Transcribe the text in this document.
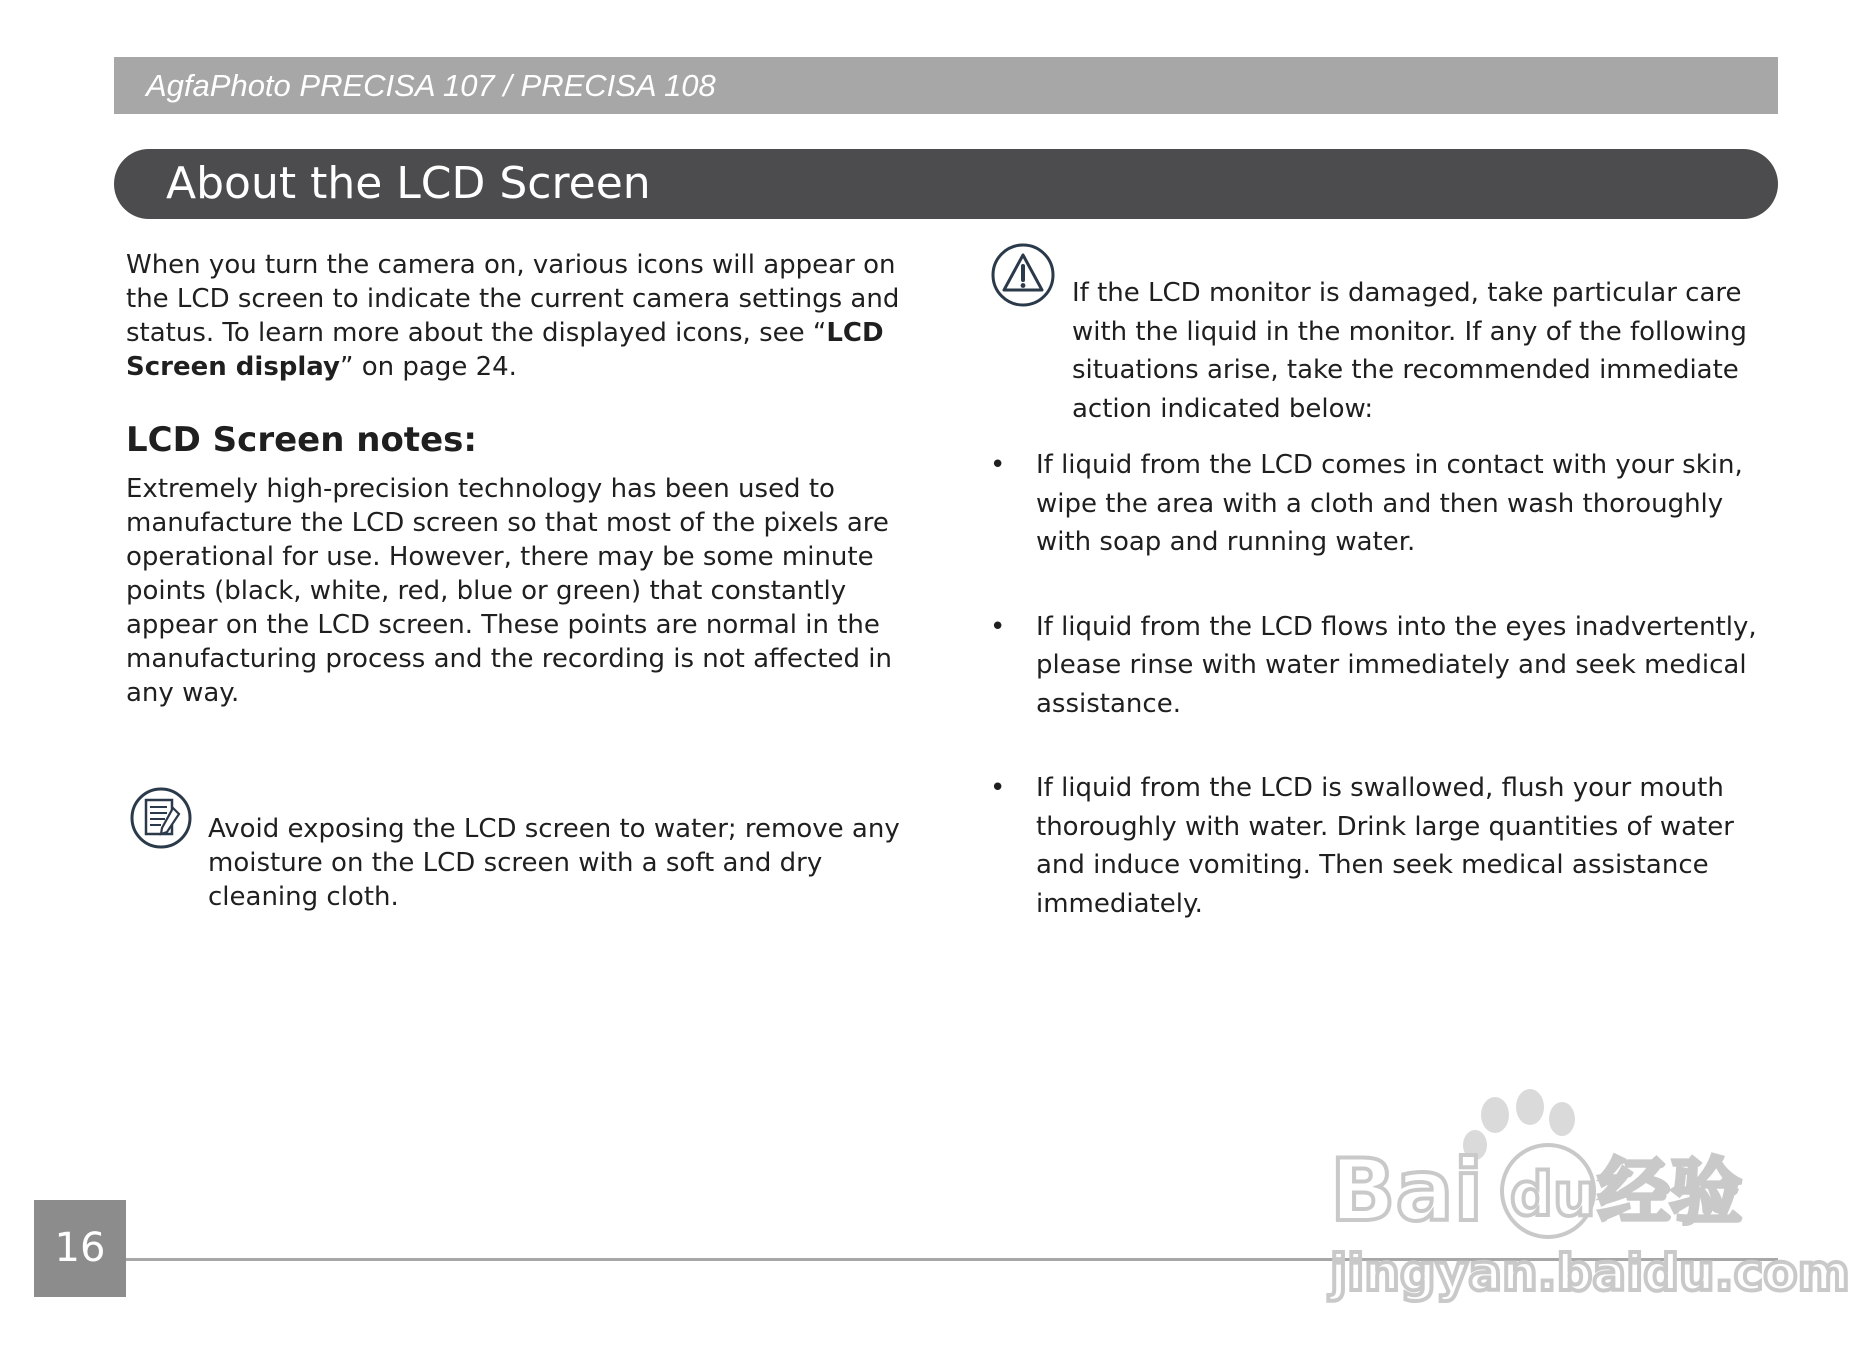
AgfaPhoto PRECISA 107 / PRECISA 108
About the LCD Screen

When you turn the camera on, various icons will appear on the LCD screen to indicate the current camera settings and status. To learn more about the displayed icons, see “LCD Screen display” on page 24.

LCD Screen notes:

Extremely high-precision technology has been used to manufacture the LCD screen so that most of the pixels are operational for use. However, there may be some minute points (black, white, red, blue or green) that constantly appear on the LCD screen. These points are normal in the manufacturing process and the recording is not affected in any way.

Avoid exposing the LCD screen to water; remove any moisture on the LCD screen with a soft and dry cleaning cloth.

If the LCD monitor is damaged, take particular care with the liquid in the monitor. If any of the following situations arise, take the recommended immediate action indicated below:

• If liquid from the LCD comes in contact with your skin, wipe the area with a cloth and then wash thoroughly with soap and running water.
• If liquid from the LCD flows into the eyes inadvertently, please rinse with water immediately and seek medical assistance.
• If liquid from the LCD is swallowed, flush your mouth thoroughly with water. Drink large quantities of water and induce vomiting. Then seek medical assistance immediately.
16
Bai du 经验
jingyan.baidu.com
